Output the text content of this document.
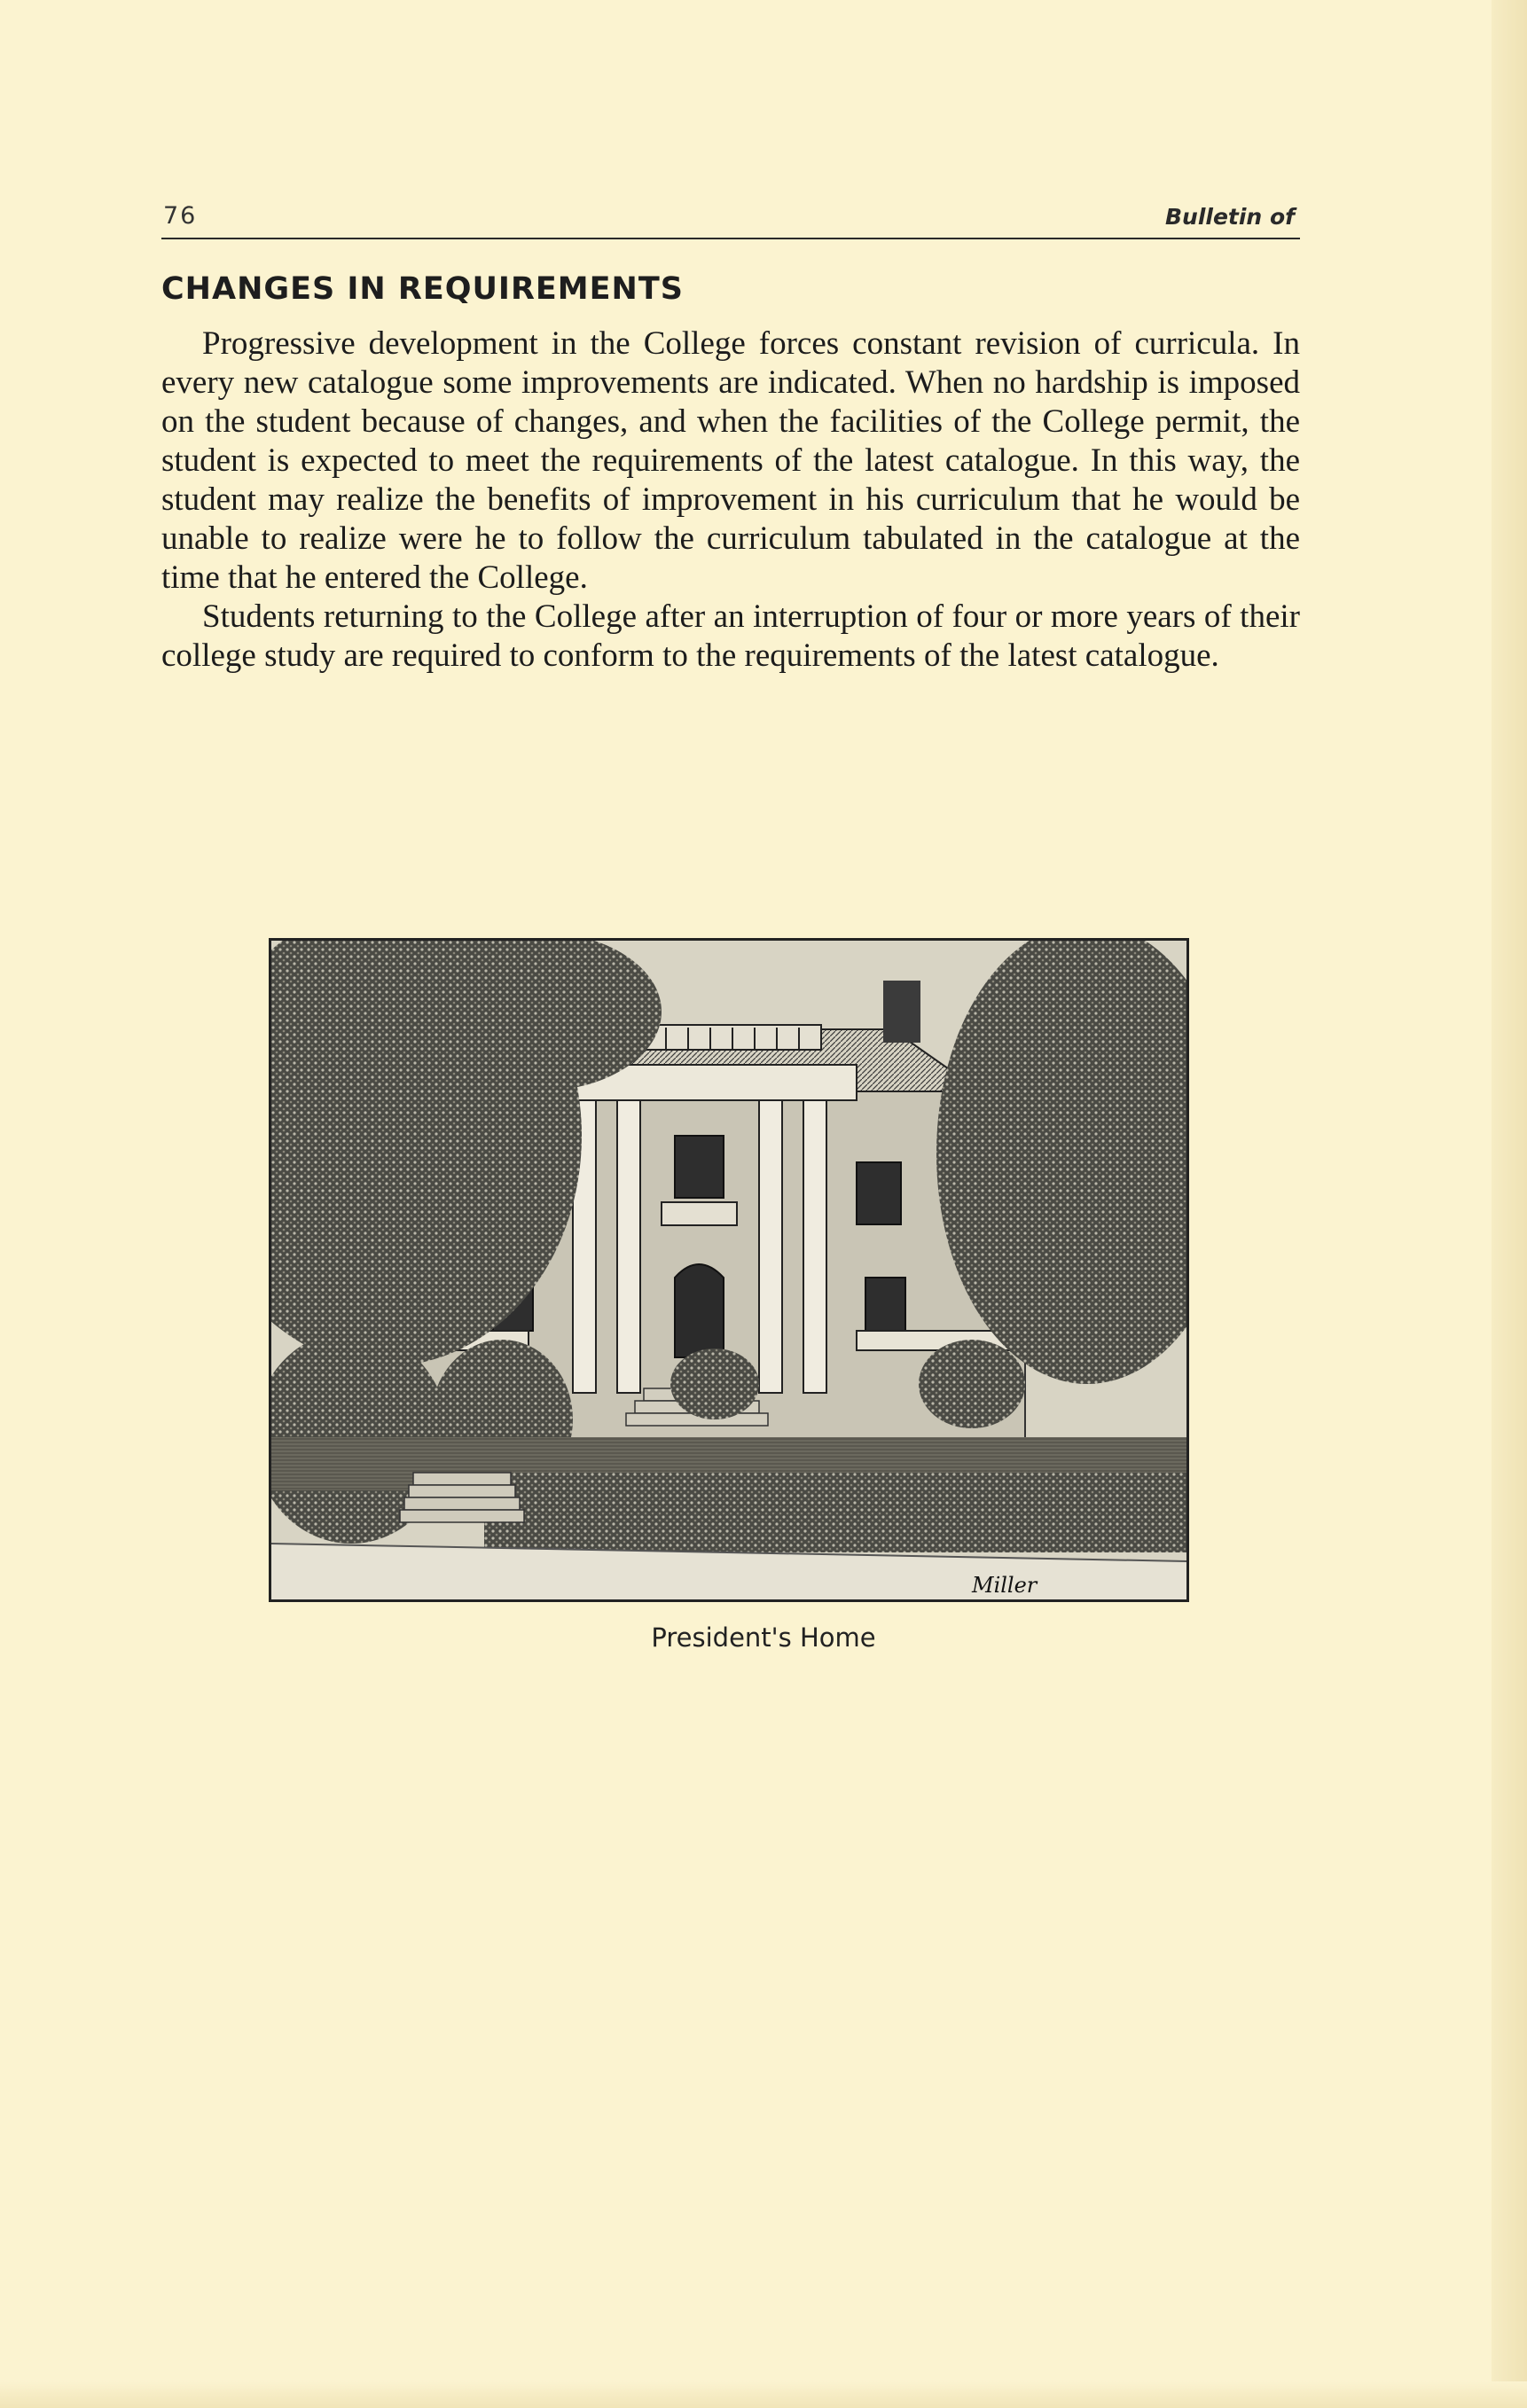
76	Bulletin of
CHANGES IN REQUIREMENTS

Progressive development in the College forces constant revision of curricula. In every new catalogue some improvements are indicated. When no hardship is imposed on the student because of changes, and when the facilities of the College permit, the student is expected to meet the requirements of the latest catalogue. In this way, the student may realize the benefits of improvement in his curriculum that he would be unable to realize were he to follow the curriculum tabulated in the catalogue at the time that he entered the College.

Students returning to the College after an interruption of four or more years of their college study are required to conform to the requirements of the latest catalogue.

Miller
President's Home
